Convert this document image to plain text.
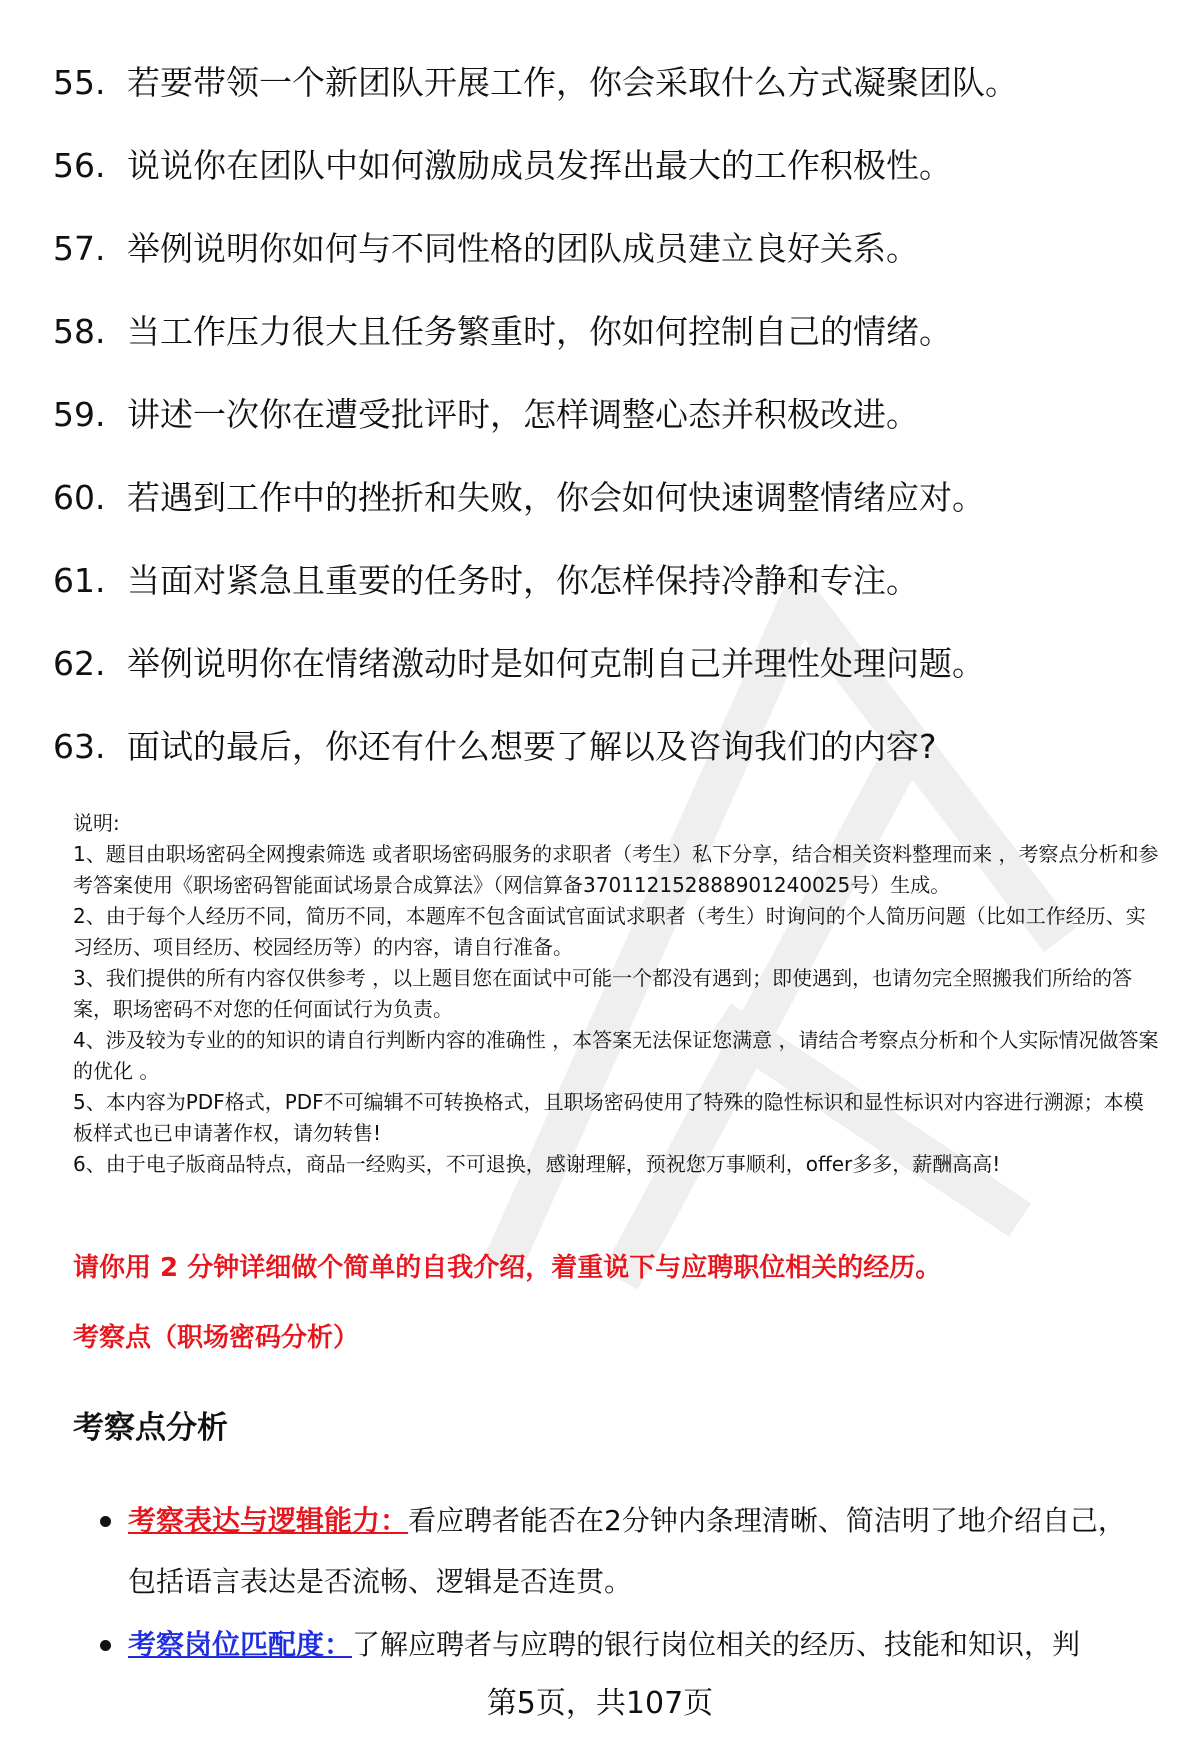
55. 若要带领一个新团队开展工作，你会采取什么方式凝聚团队。
56. 说说你在团队中如何激励成员发挥出最大的工作积极性。
57. 举例说明你如何与不同性格的团队成员建立良好关系。
58. 当工作压力很大且任务繁重时，你如何控制自己的情绪。
59. 讲述一次你在遭受批评时，怎样调整心态并积极改进。
60. 若遇到工作中的挫折和失败，你会如何快速调整情绪应对。
61. 当面对紧急且重要的任务时，你怎样保持冷静和专注。
62. 举例说明你在情绪激动时是如何克制自己并理性处理问题。
63. 面试的最后，你还有什么想要了解以及咨询我们的内容?

说明:

1、题目由职场密码全网搜索筛选 或者职场密码服务的求职者（考生）私下分享，结合相关资料整理而来 ，考察点分析和参考答案使用《职场密码智能面试场景合成算法》（网信算备370112152888901240025号）生成。

2、由于每个人经历不同，简历不同，本题库不包含面试官面试求职者（考生）时询问的个人简历问题（比如工作经历、实习经历、项目经历、校园经历等）的内容，请自行准备。

3、我们提供的所有内容仅供参考 ，以上题目您在面试中可能一个都没有遇到；即使遇到，也请勿完全照搬我们所给的答案，职场密码不对您的任何面试行为负责。

4、涉及较为专业的的知识的请自行判断内容的准确性 ，本答案无法保证您满意 ，请结合考察点分析和个人实际情况做答案的优化 。

5、本内容为PDF格式，PDF不可编辑不可转换格式，且职场密码使用了特殊的隐性标识和显性标识对内容进行溯源；本模板样式也已申请著作权，请勿转售!

6、由于电子版商品特点，商品一经购买，不可退换，感谢理解，预祝您万事顺利，offer多多，薪酬高高!

请你用 2 分钟详细做个简单的自我介绍，着重说下与应聘职位相关的经历。
考察点（职场密码分析）
考察点分析
考察表达与逻辑能力：看应聘者能否在2分钟内条理清晰、简洁明了地介绍自己，包括语言表达是否流畅、逻辑是否连贯。
考察岗位匹配度：了解应聘者与应聘的银行岗位相关的经历、技能和知识，判
第5页，共107页
